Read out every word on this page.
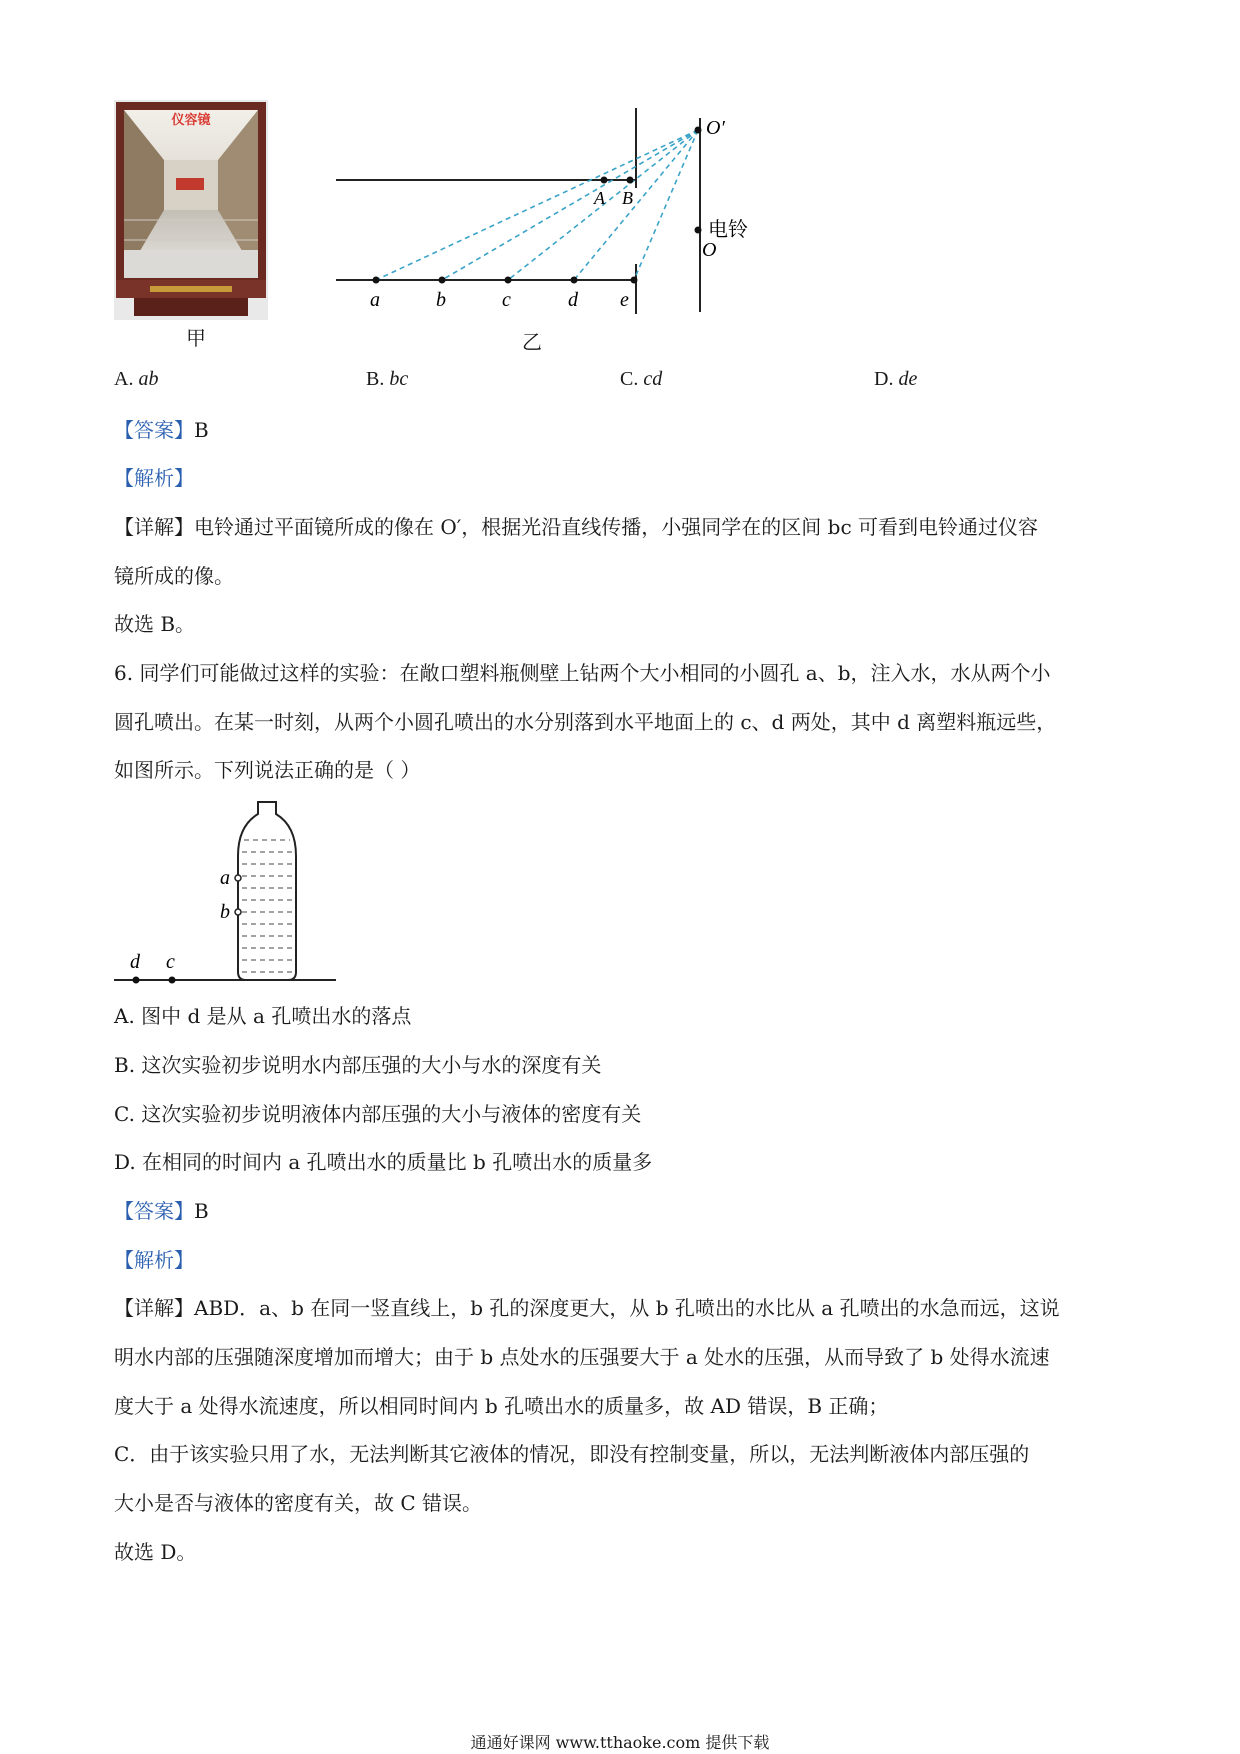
仪容镜
甲
O′
电铃
O
A B
a	b	c	d e
乙
A. ab	B. bc	C. cd	D. de
【答案】B
【解析】
【详解】电铃通过平面镜所成的像在 O′，根据光沿直线传播，小强同学在的区间 bc 可看到电铃通过仪容
镜所成的像。
故选 B。
6. 同学们可能做过这样的实验：在敞口塑料瓶侧壁上钻两个大小相同的小圆孔 a、b，注入水，水从两个小
圆孔喷出。在某一时刻，从两个小圆孔喷出的水分别落到水平地面上的 c、d 两处，其中 d 离塑料瓶远些，
如图所示。下列说法正确的是（ ）
a
b
d c
A. 图中 d 是从 a 孔喷出水的落点
B. 这次实验初步说明水内部压强的大小与水的深度有关
C. 这次实验初步说明液体内部压强的大小与液体的密度有关
D. 在相同的时间内 a 孔喷出水的质量比 b 孔喷出水的质量多
【答案】B
【解析】
【详解】ABD．a、b 在同一竖直线上，b 孔的深度更大，从 b 孔喷出的水比从 a 孔喷出的水急而远，这说
明水内部的压强随深度增加而增大；由于 b 点处水的压强要大于 a 处水的压强，从而导致了 b 处得水流速
度大于 a 处得水流速度，所以相同时间内 b 孔喷出水的质量多，故 AD 错误，B 正确；
C．由于该实验只用了水，无法判断其它液体的情况，即没有控制变量，所以，无法判断液体内部压强的
大小是否与液体的密度有关，故 C 错误。
故选 D。
通通好课网 www.tthaoke.com 提供下载
